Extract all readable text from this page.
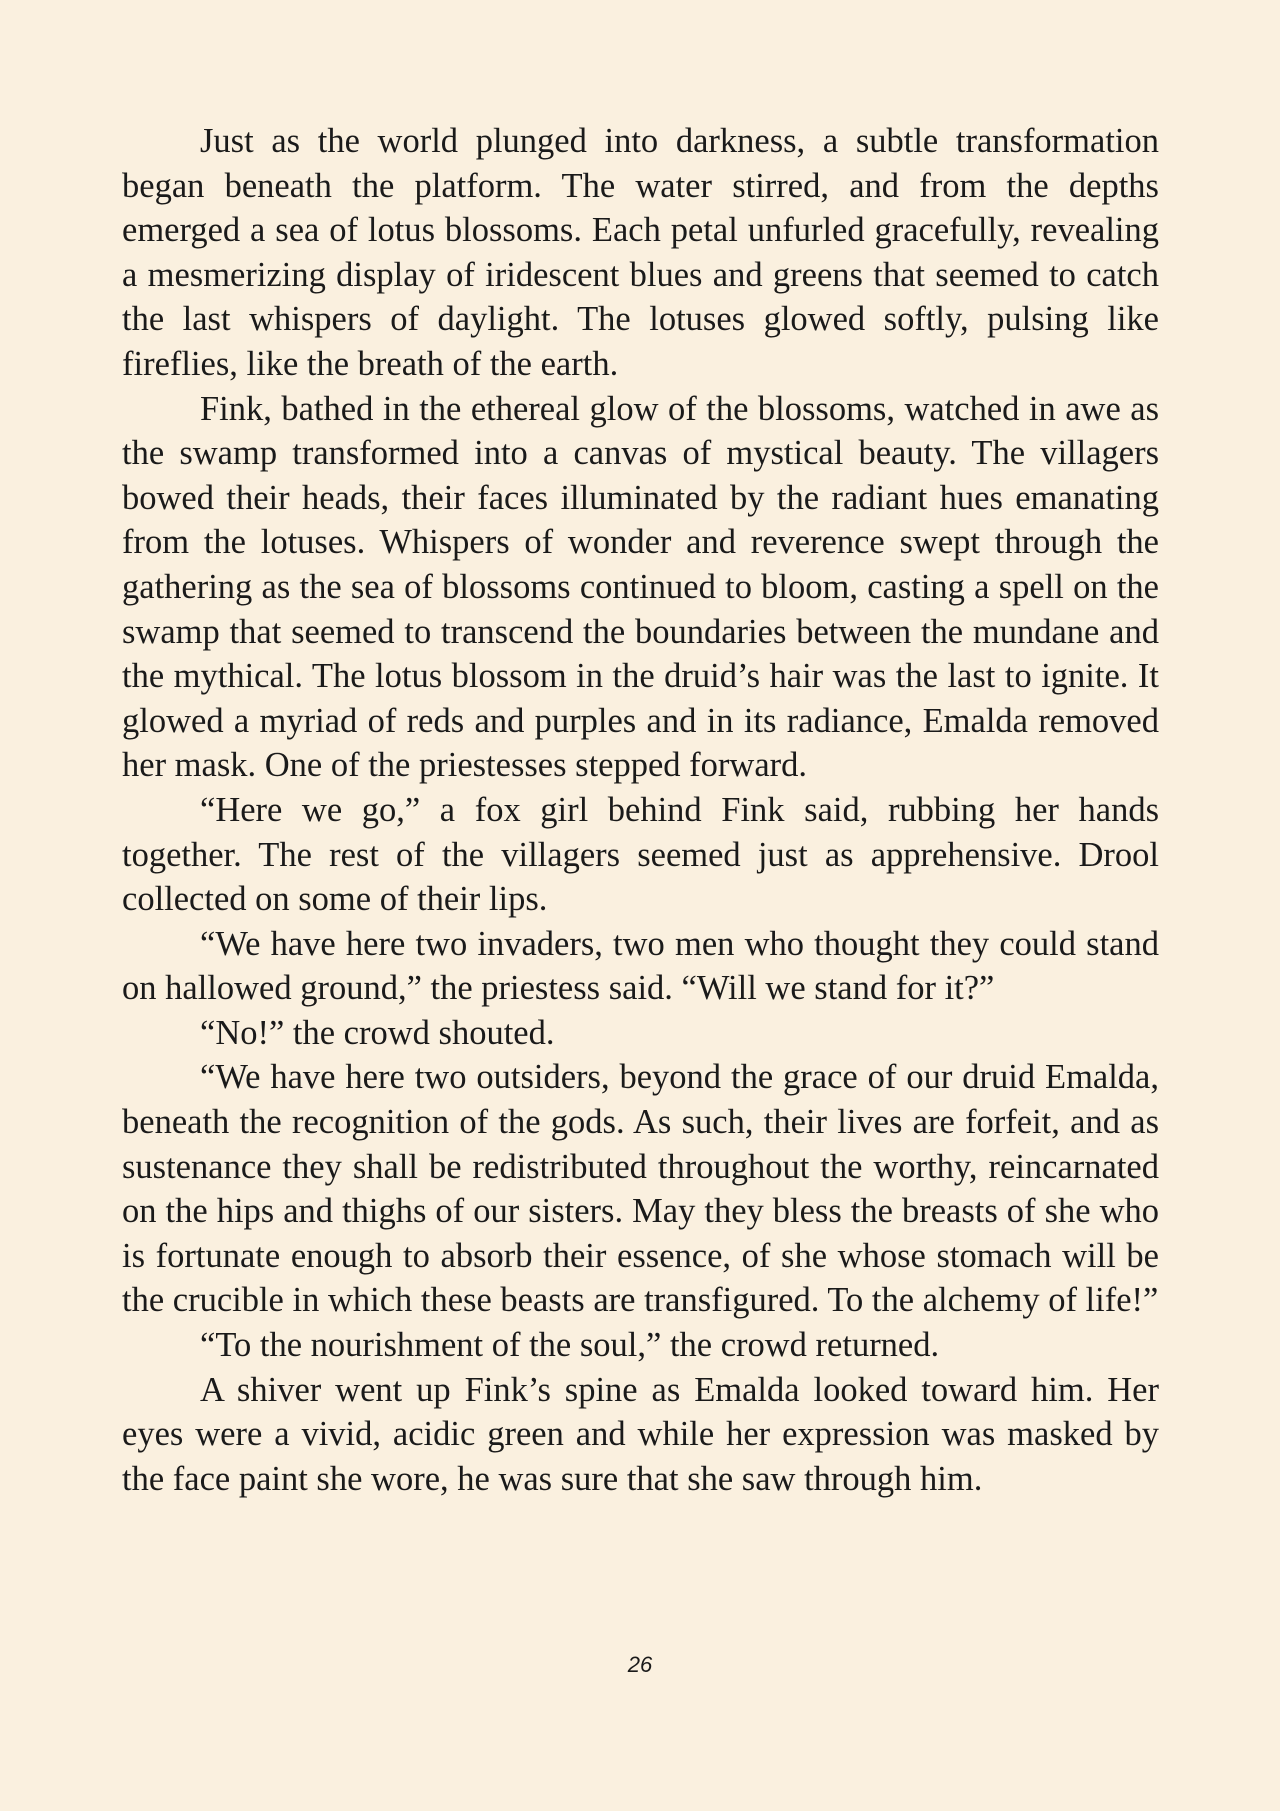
Just as the world plunged into darkness, a subtle transformation began beneath the platform. The water stirred, and from the depths emerged a sea of lotus blossoms. Each petal unfurled gracefully, revealing a mesmerizing display of iridescent blues and greens that seemed to catch the last whispers of daylight. The lotuses glowed softly, pulsing like fireflies, like the breath of the earth.

Fink, bathed in the ethereal glow of the blossoms, watched in awe as the swamp transformed into a canvas of mystical beauty. The villagers bowed their heads, their faces illuminated by the radiant hues emanating from the lotuses. Whispers of wonder and reverence swept through the gathering as the sea of blossoms continued to bloom, casting a spell on the swamp that seemed to transcend the boundaries between the mundane and the mythical. The lotus blossom in the druid’s hair was the last to ignite. It glowed a myriad of reds and purples and in its radiance, Emalda removed her mask. One of the priestesses stepped forward.

“Here we go,” a fox girl behind Fink said, rubbing her hands together. The rest of the villagers seemed just as apprehensive. Drool collected on some of their lips.

“We have here two invaders, two men who thought they could stand on hallowed ground,” the priestess said. “Will we stand for it?”

“No!” the crowd shouted.

“We have here two outsiders, beyond the grace of our druid Emalda, beneath the recognition of the gods. As such, their lives are forfeit, and as sustenance they shall be redistributed throughout the worthy, reincarnated on the hips and thighs of our sisters. May they bless the breasts of she who is fortunate enough to absorb their essence, of she whose stomach will be the crucible in which these beasts are transfigured. To the alchemy of life!”

“To the nourishment of the soul,” the crowd returned.

A shiver went up Fink’s spine as Emalda looked toward him. Her eyes were a vivid, acidic green and while her expression was masked by the face paint she wore, he was sure that she saw through him.

26
